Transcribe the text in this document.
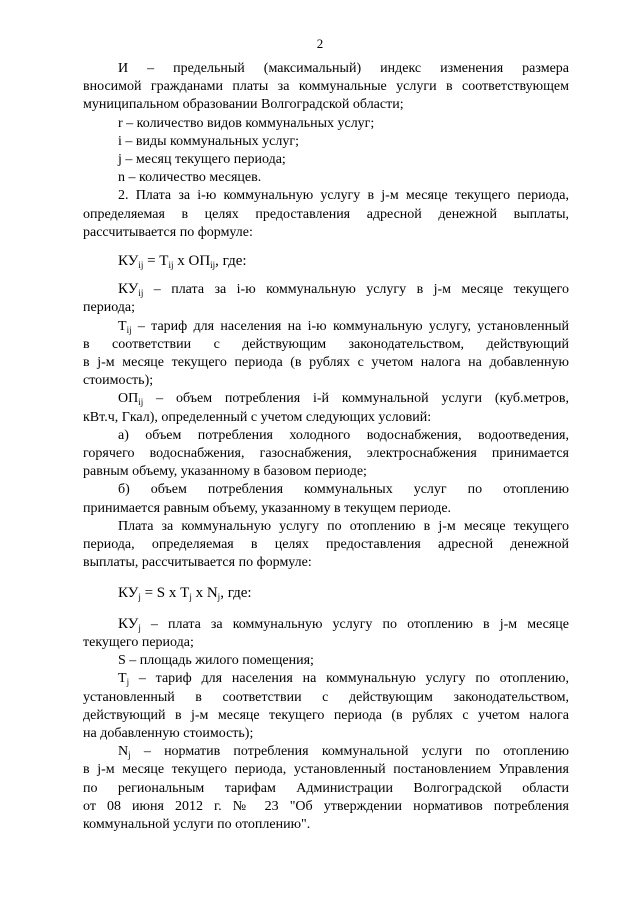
2

И – предельный (максимальный) индекс изменения размера

вносимой гражданами платы за коммунальные услуги в соответствующем

муниципальном образовании Волгоградской области;

r – количество видов коммунальных услуг;

i – виды коммунальных услуг;

j – месяц текущего периода;

n – количество месяцев.

2. Плата за i-ю коммунальную услугу в j-м месяце текущего периода,

определяемая в целях предоставления адресной денежной выплаты,

рассчитывается по формуле:

$КУ_{ij} = Т_{ij}$ x $ОП_{ij}$, где:

$КУ_{ij}$ – плата за i-ю коммунальную услугу в j-м месяце текущего

периода;

$Т_{ij}$ – тариф для населения на i-ю коммунальную услугу, установленный

в соответствии с действующим законодательством, действующий

в j-м месяце текущего периода (в рублях с учетом налога на добавленную

стоимость);

$ОП_{ij}$ – объем потребления i-й коммунальной услуги (куб.метров,

кВт.ч, Гкал), определенный с учетом следующих условий:

а) объем потребления холодного водоснабжения, водоотведения,

горячего водоснабжения, газоснабжения, электроснабжения принимается

равным объему, указанному в базовом периоде;

б) объем потребления коммунальных услуг по отоплению

принимается равным объему, указанному в текущем периоде.

Плата за коммунальную услугу по отоплению в j-м месяце текущего

периода, определяемая в целях предоставления адресной денежной

выплаты, рассчитывается по формуле:

$КУ_j = S$ x $Т_j$ x $N_j$, где:

$КУ_j$ – плата за коммунальную услугу по отоплению в j-м месяце

текущего периода;

S – площадь жилого помещения;

$Т_j$ – тариф для населения на коммунальную услугу по отоплению,

установленный в соответствии с действующим законодательством,

действующий в j-м месяце текущего периода (в рублях с учетом налога

на добавленную стоимость);

$N_j$ – норматив потребления коммунальной услуги по отоплению

в j-м месяце текущего периода, установленный постановлением Управления

по региональным тарифам Администрации Волгоградской области

от 08 июня 2012 г. № 23 "Об утверждении нормативов потребления

коммунальной услуги по отоплению".
